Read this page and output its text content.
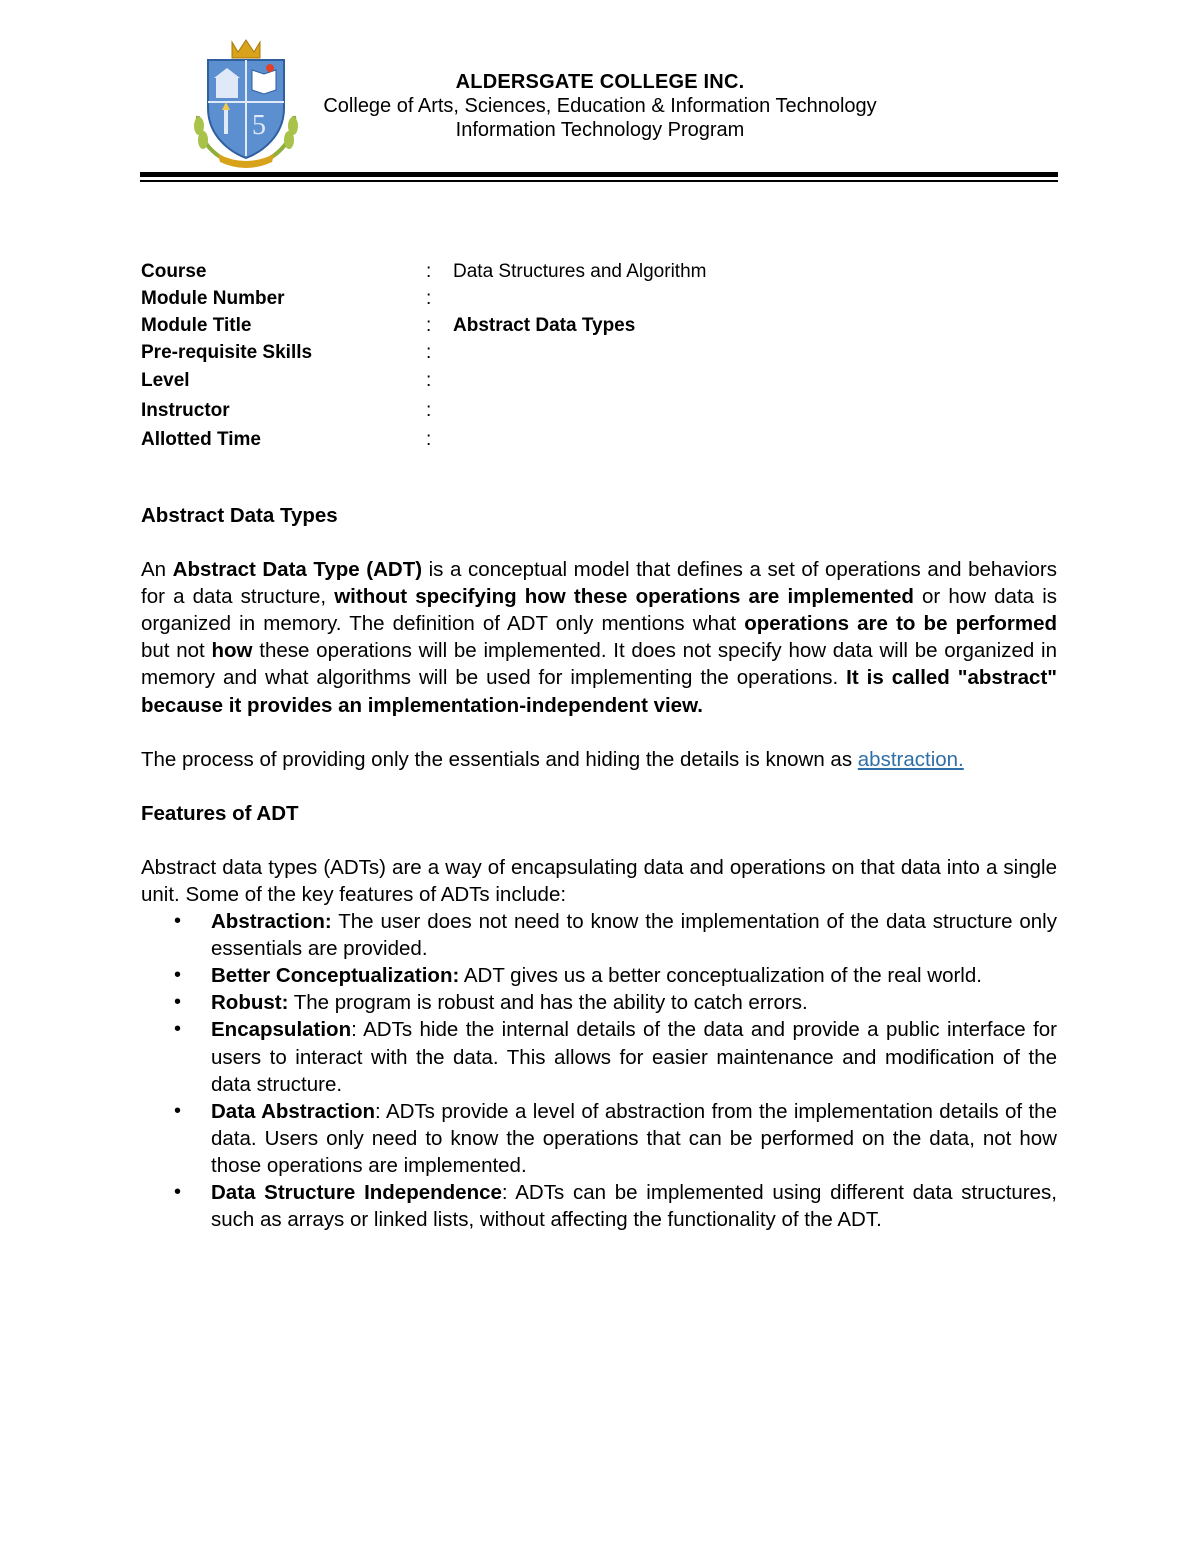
5
ALDERSGATE COLLEGE INC.
College of Arts, Sciences, Education & Information Technology
Information Technology Program
Course	: Data Structures and Algorithm
Module Number	:
Module Title	: Abstract Data Types
Pre-requisite Skills	:
Level	:
Instructor	:
Allotted Time	:

Abstract Data Types

An Abstract Data Type (ADT) is a conceptual model that defines a set of operations and behaviors for a data structure, without specifying how these operations are implemented or how data is organized in memory. The definition of ADT only mentions what operations are to be performed but not how these operations will be implemented. It does not specify how data will be organized in memory and what algorithms will be used for implementing the operations. It is called "abstract" because it provides an implementation-independent view.

The process of providing only the essentials and hiding the details is known as abstraction.

Features of ADT

Abstract data types (ADTs) are a way of encapsulating data and operations on that data into a single unit. Some of the key features of ADTs include:

• Abstraction: The user does not need to know the implementation of the data structure only essentials are provided.
• Better Conceptualization: ADT gives us a better conceptualization of the real world.
• Robust: The program is robust and has the ability to catch errors.
• Encapsulation: ADTs hide the internal details of the data and provide a public interface for users to interact with the data. This allows for easier maintenance and modification of the data structure.
• Data Abstraction: ADTs provide a level of abstraction from the implementation details of the data. Users only need to know the operations that can be performed on the data, not how those operations are implemented.
• Data Structure Independence: ADTs can be implemented using different data structures, such as arrays or linked lists, without affecting the functionality of the ADT.
